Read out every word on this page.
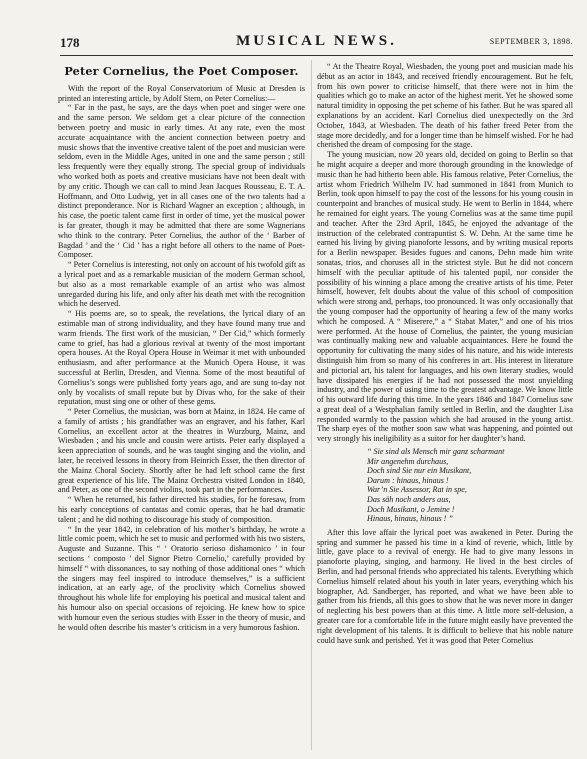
178	MUSICAL NEWS.	SEPTEMBER 3, 1898.
Peter Cornelius, the Poet Composer.

With the report of the Royal Conservatorium of Music at Dresden is printed an interesting article, by Adolf Stern, on Peter Cornelius:—

“ Far in the past, he says, are the days when poet and singer were one and the same person. We seldom get a clear picture of the connection between poetry and music in early times. At any rate, even the most accurate acquaintance with the ancient connection between poetry and music shows that the inventive creative talent of the poet and musician were seldom, even in the Middle Ages, united in one and the same person ; still less frequently were they equally strong. The special group of individuals who worked both as poets and creative musicians have not been dealt with by any critic. Though we can call to mind Jean Jacques Rousseau, E. T. A. Hoffmann, and Otto Ludwig, yet in all cases one of the two talents had a distinct preponderance. Nor is Richard Wagner an exception ; although, in his case, the poetic talent came first in order of time, yet the musical power is far greater, though it may be admitted that there are some Wagnerians who think to the contrary. Peter Cornelius, the author of the ‘ Barber of Bagdad ’ and the ‘ Cid ’ has a right before all others to the name of Poet-Composer.

“ Peter Cornelius is interesting, not only on account of his twofold gift as a lyrical poet and as a remarkable musician of the modern German school, but also as a most remarkable example of an artist who was almost unregarded during his life, and only after his death met with the recognition which he deserved.

“ His poems are, so to speak, the revelations, the lyrical diary of an estimable man of strong individuality, and they have found many true and warm friends. The first work of the musician, “ Der Cid,” which formerly came to grief, has had a glorious revival at twenty of the most important opera houses. At the Royal Opera House in Weimar it met with unbounded enthusiasm, and after performance at the Munich Opera House, it was successful at Berlin, Dresden, and Vienna. Some of the most beautiful of Cornelius’s songs were published forty years ago, and are sung to-day not only by vocalists of small repute but by Divas who, for the sake of their reputation, must sing one or other of these gems.

“ Peter Cornelius, the musician, was born at Mainz, in 1824. He came of a family of artists ; his grandfather was an engraver, and his father, Karl Cornelius, an excellent actor at the theatres in Wurzburg, Mainz, and Wiesbaden ; and his uncle and cousin were artists. Peter early displayed a keen appreciation of sounds, and he was taught singing and the violin, and later, he received lessons in theory from Heinrich Esser, the then director of the Mainz Choral Society. Shortly after he had left school came the first great experience of his life. The Mainz Orchestra visited London in 1840, and Peter, as one of the second violins, took part in the performances.

“ When he returned, his father directed his studies, for he foresaw, from his early conceptions of cantatas and comic operas, that he had dramatic talent ; and he did nothing to discourage his study of composition.

“ In the year 1842, in celebration of his mother’s birthday, he wrote a little comic poem, which he set to music and performed with his two sisters, Auguste and Suzanne. This “ ‘ Oratorio serioso dishamonico ’ in four sections ‘ composto ’ del Signor Pietro Cornelio,’ carefully provided by himself “ with dissonances, to say nothing of those additional ones “ which the singers may feel inspired to introduce themselves,” is a sufficient indication, at an early age, of the proclivity which Cornelius showed throughout his whole life for employing his poetical and musical talent and his humour also on special occasions of rejoicing. He knew how to spice with humour even the serious studies with Esser in the theory of music, and he would often describe his master’s criticism in a very humorous fashion.

“ At the Theatre Royal, Wiesbaden, the young poet and musician made his début as an actor in 1843, and received friendly encouragement. But he felt, from his own power to criticise himself, that there were not in him the qualities which go to make an actor of the highest merit. Yet he showed some natural timidity in opposing the pet scheme of his father. But he was spared all explanations by an accident. Karl Cornelius died unexpectedly on the 3rd October, 1843, at Wiesbaden. The death of his father freed Peter from the stage more decidedly, and for a longer time than he himself wished. For he had cherished the dream of composing for the stage.

The young musician, now 20 years old, decided on going to Berlin so that he might acquire a deeper and more thorough grounding in the knowledge of music than he had hitherto been able. His famous relative, Peter Cornelius, the artist whom Friedrich Wilhelm IV. had summoned in 1841 from Munich to Berlin, took upon himself to pay the cost of the lessons for his young cousin in counterpoint and branches of musical study. He went to Berlin in 1844, where he remained for eight years. The young Cornelius was at the same time pupil and teacher. After the 23rd April, 1845, he enjoyed the advantage of the instruction of the celebrated contrapuntist S. W. Dehn. At the same time he earned his living by giving pianoforte lessons, and by writing musical reports for a Berlin newspaper. Besides fugues and canons, Dehn made him write sonatas, trios, and choruses all in the strictest style. But he did not concern himself with the peculiar aptitude of his talented pupil, nor consider the possibility of his winning a place among the creative artists of his time. Peter himself, however, felt doubts about the value of this school of composition which were strong and, perhaps, too pronounced. It was only occasionally that the young composer had the opportunity of hearing a few of the many works which he composed. A “ Miserere,” a “ Stabat Mater,” and one of his trios were performed. At the house of Cornelius, the painter, the young musician was continually making new and valuable acquaintances. Here he found the opportunity for cultivating the many sides of his nature, and his wide interests distinguish him from so many of his confreres in art. His interest in literature and pictorial art, his talent for languages, and his own literary studies, would have dissipated his energies if he had not possessed the most unyielding industry, and the power of using time to the greatest advantage. We know little of his outward life during this time. In the years 1846 and 1847 Cornelius saw a great deal of a Westphalian family settled in Berlin, and the daughter Lisa responded warmly to the passion which she had aroused in the young artist. The sharp eyes of the mother soon saw what was happening, and pointed out very strongly his ineligibility as a suitor for her daughter’s hand.

“ Sie sind als Mensch mir ganz scharmant
Mir angenehm durchaus,
Doch sind Sie nur ein Musikant,
Darum : hinaus, hinaus !
War’n Sie Assessor, Rat in spe,
Das säh noch anders aus,
Doch Musikant, o Jemine !
Hinaus, hinaus, hinaus ! ”

After this love affair the lyrical poet was awakened in Peter. During the spring and summer he passed his time in a kind of reverie, which, little by little, gave place to a revival of energy. He had to give many lessons in pianoforte playing, singing, and harmony. He lived in the best circles of Berlin, and had personal friends who appreciated his talents. Everything which Cornelius himself related about his youth in later years, everything which his biographer, Ad. Sandberger, has reported, and what we have been able to gather from his friends, all this goes to show that he was never more in danger of neglecting his best powers than at this time. A little more self-delusion, a greater care for a comfortable life in the future might easily have prevented the right development of his talents. It is difficult to believe that his noble nature could have sunk and perished. Yet it was good that Peter Cornelius
